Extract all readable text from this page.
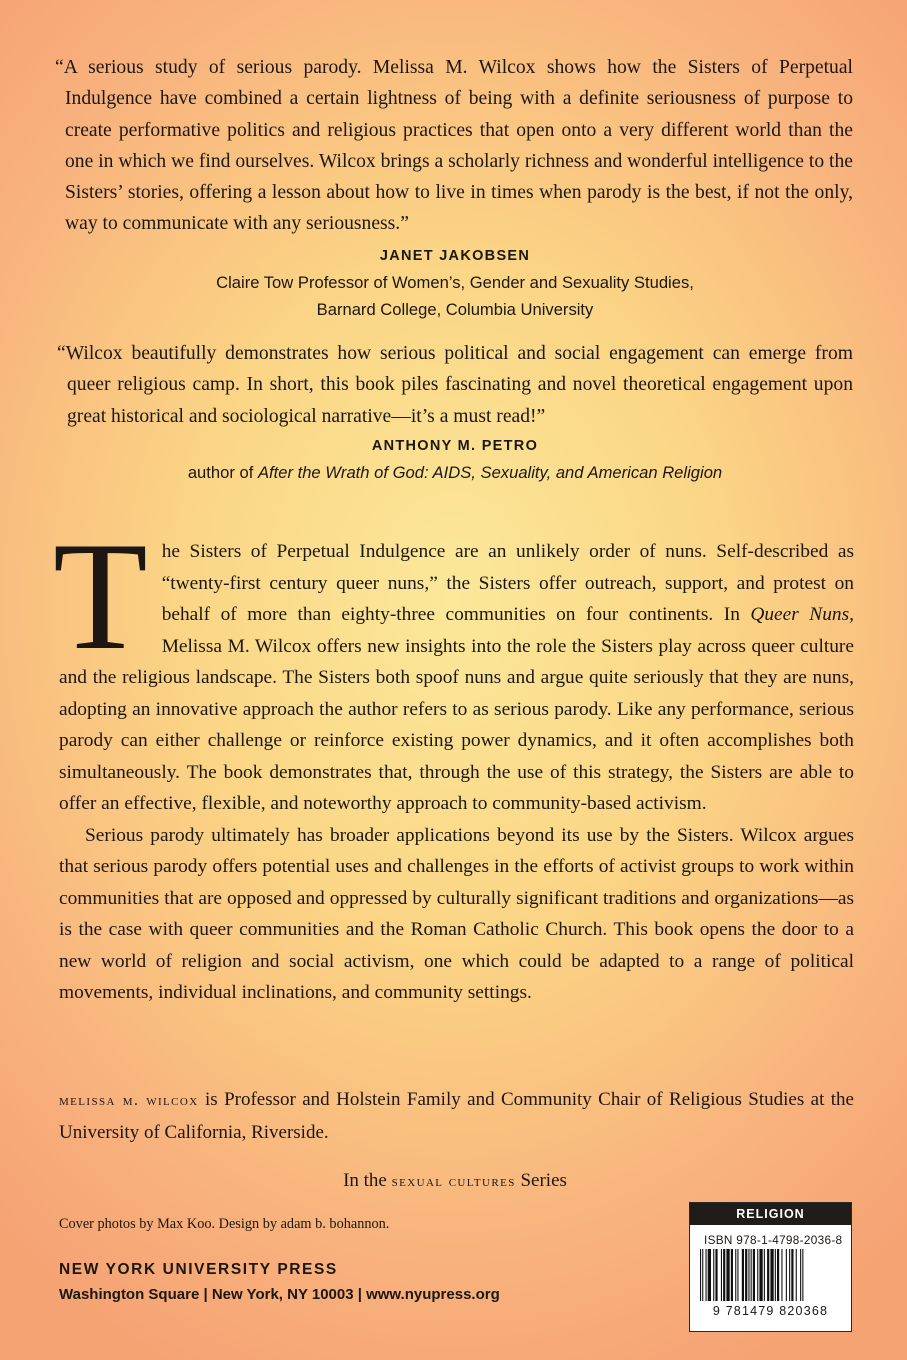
“A serious study of serious parody. Melissa M. Wilcox shows how the Sisters of Perpetual Indulgence have combined a certain lightness of being with a definite seriousness of purpose to create performative politics and religious practices that open onto a very different world than the one in which we find ourselves. Wilcox brings a scholarly richness and wonderful intelligence to the Sisters’ stories, offering a lesson about how to live in times when parody is the best, if not the only, way to communicate with any seriousness.”

JANET JAKOBSEN
Claire Tow Professor of Women’s, Gender and Sexuality Studies,
Barnard College, Columbia University

“Wilcox beautifully demonstrates how serious political and social engagement can emerge from queer religious camp. In short, this book piles fascinating and novel theoretical engagement upon great historical and sociological narrative—it’s a must read!”

ANTHONY M. PETRO
author of After the Wrath of God: AIDS, Sexuality, and American Religion

The Sisters of Perpetual Indulgence are an unlikely order of nuns. Self-described as “twenty-first century queer nuns,” the Sisters offer outreach, support, and protest on behalf of more than eighty-three communities on four continents. In Queer Nuns, Melissa M. Wilcox offers new insights into the role the Sisters play across queer culture and the religious landscape. The Sisters both spoof nuns and argue quite seriously that they are nuns, adopting an innovative approach the author refers to as serious parody. Like any performance, serious parody can either challenge or reinforce existing power dynamics, and it often accomplishes both simultaneously. The book demonstrates that, through the use of this strategy, the Sisters are able to offer an effective, flexible, and noteworthy approach to community-based activism.

Serious parody ultimately has broader applications beyond its use by the Sisters. Wilcox argues that serious parody offers potential uses and challenges in the efforts of activist groups to work within communities that are opposed and oppressed by culturally significant traditions and organizations—as is the case with queer communities and the Roman Catholic Church. This book opens the door to a new world of religion and social activism, one which could be adapted to a range of political movements, individual inclinations, and community settings.

melissa m. wilcox is Professor and Holstein Family and Community Chair of Religious Studies at the University of California, Riverside.

In the sexual cultures Series
Cover photos by Max Koo. Design by adam b. bohannon.
NEW YORK UNIVERSITY PRESS
Washington Square | New York, NY 10003 | www.nyupress.org
RELIGION
ISBN 978-1-4798-2036-8
9 781479 820368
